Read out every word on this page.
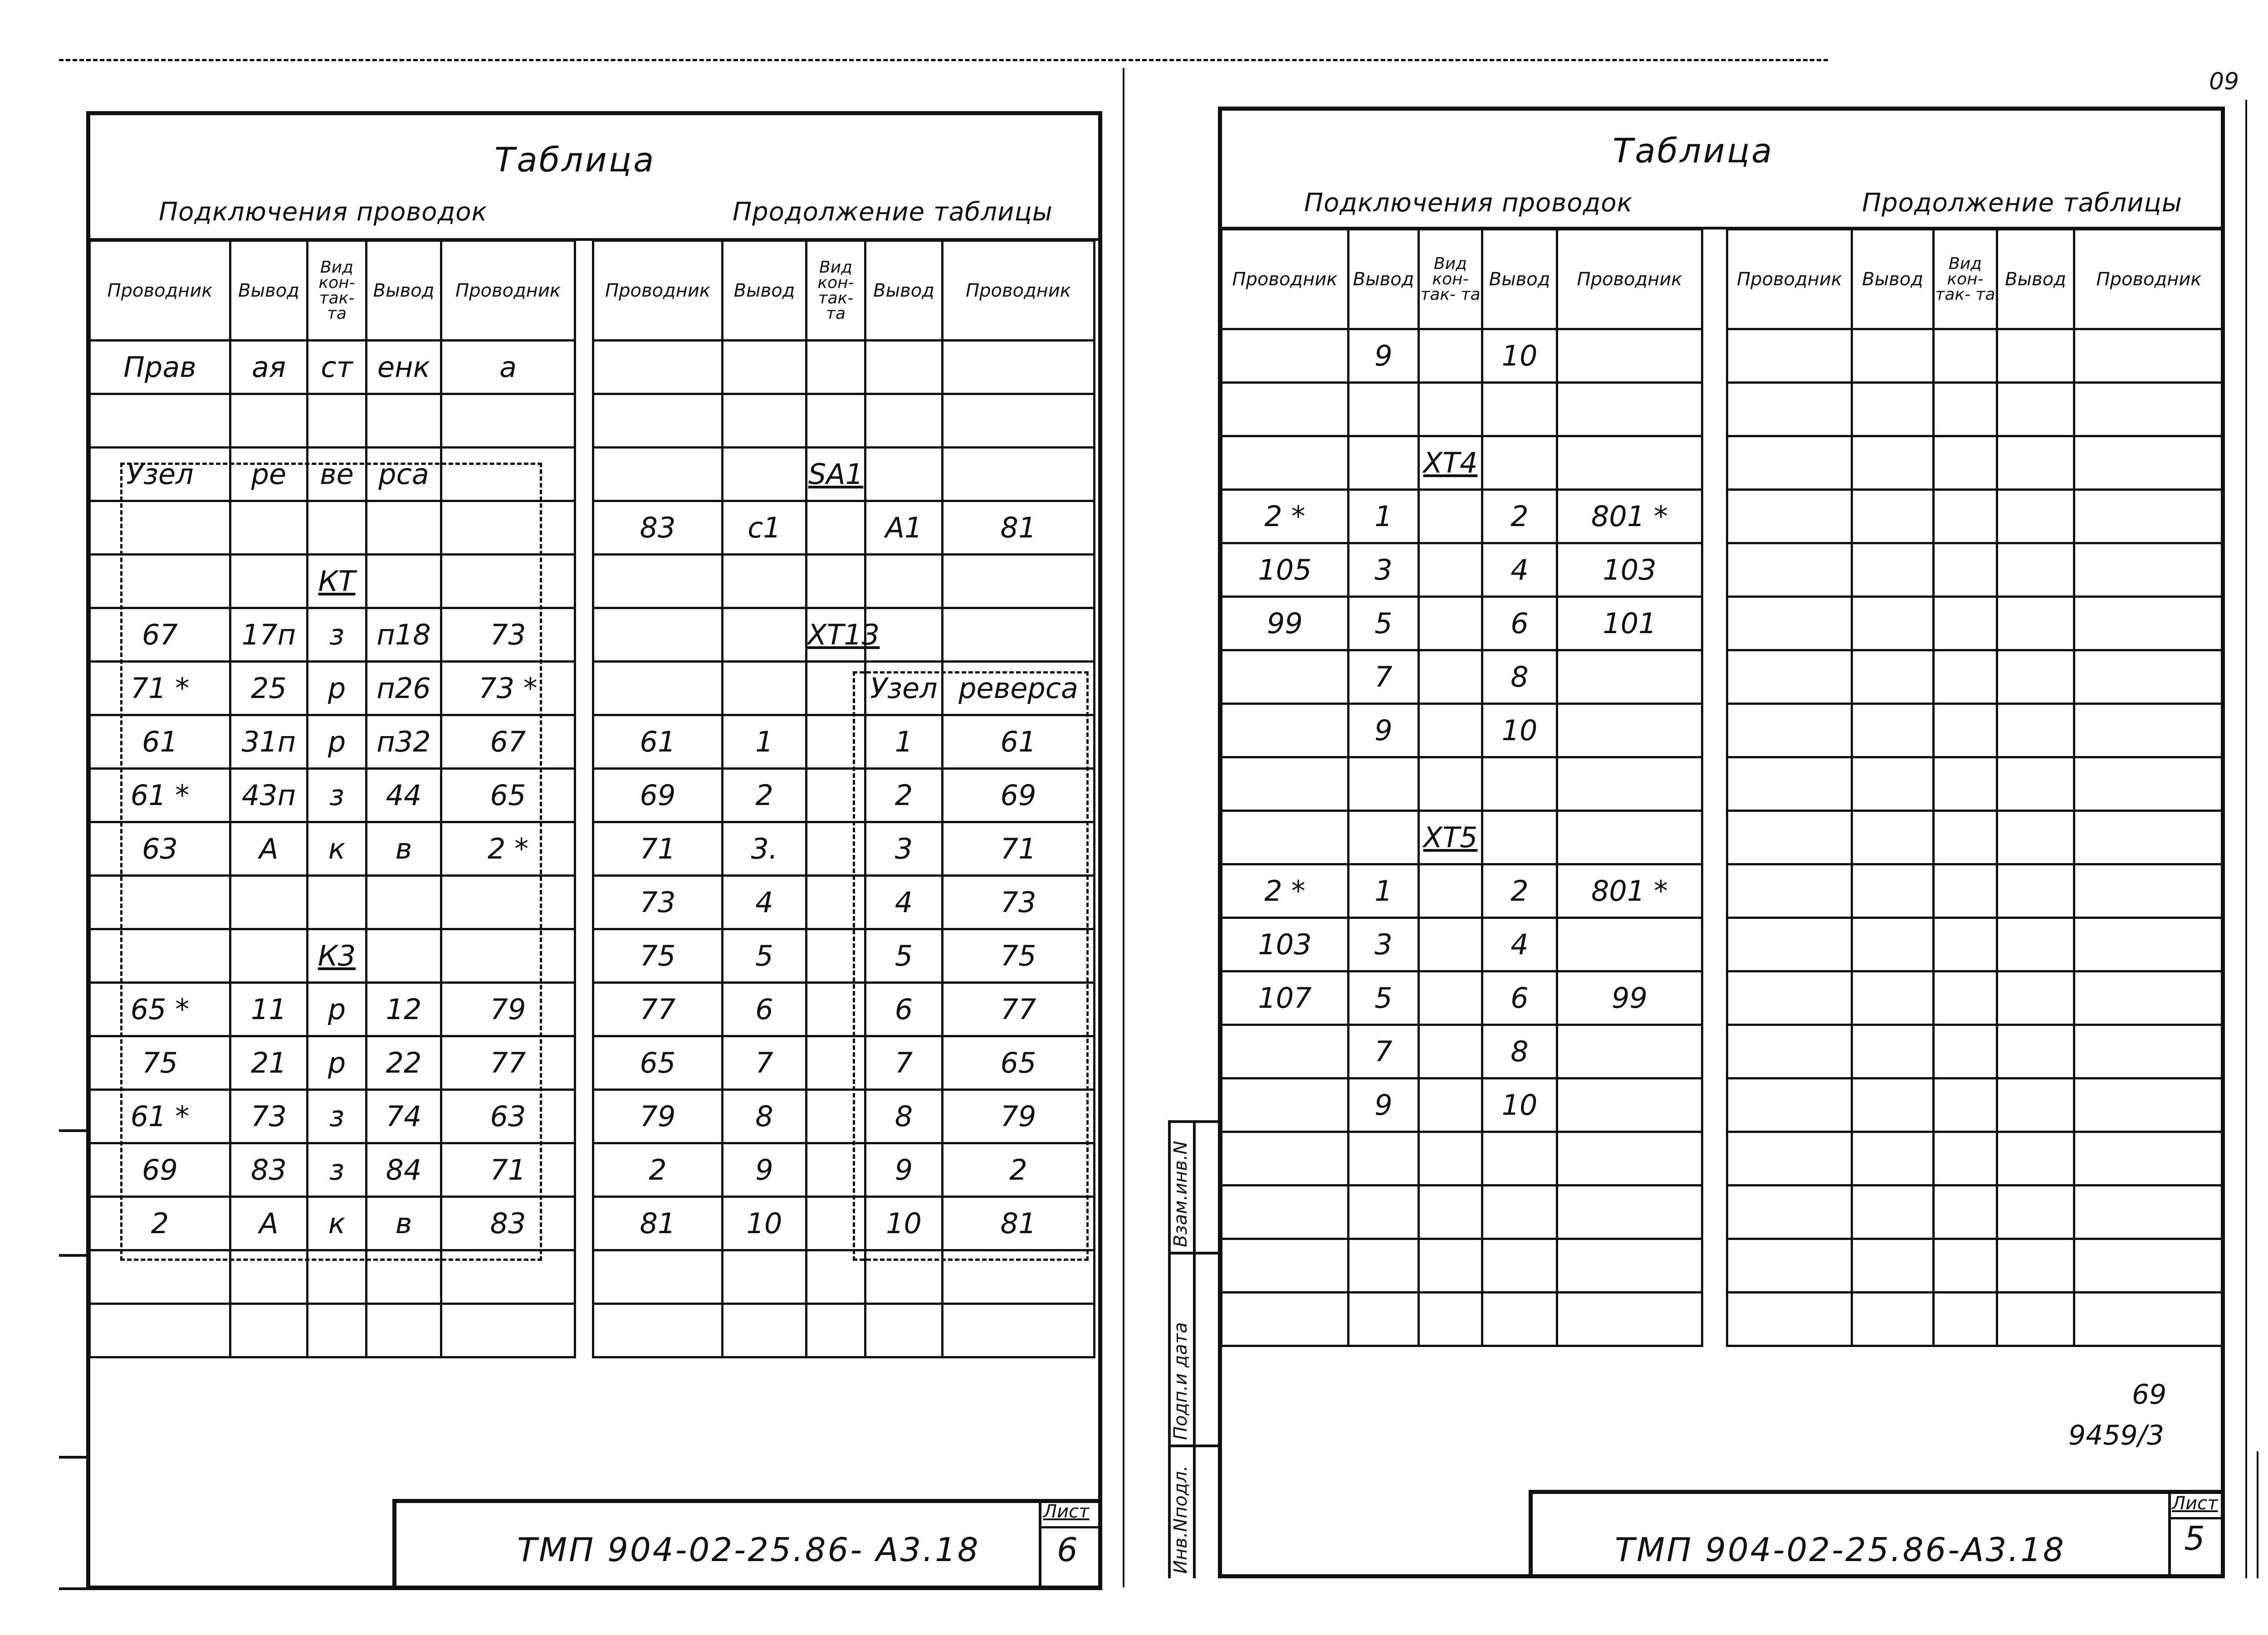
09
Таблица
Подключения проводок	Продолжение таблицы
Проводник	Вывод	Вид кон- так- та	Вывод	Проводник
Прав	ая	ст	енк	а

Узел	ре	ве	рса	

		КТ		
67	17п	з	п18	73
71 *	25	р	п26	73 *
61	31п	р	п32	67
61 *	43п	з	44	65
63	А	к	в	2 *

		К3		
65 *	11	р	12	79
75	21	р	22	77
61 *	73	з	74	63
69	83	з	84	71
2	А	к	в	83

Проводник	Вывод	Вид кон- так- та	Вывод	Проводник

		SA1		
83	с1		А1	81

		ХТ13		
			Узел	реверса
61	1		1	61
69	2		2	69
71	3.		3	71
73	4		4	73
75	5		5	75
77	6		6	77
65	7		7	65
79	8		8	79
2	9		9	2
81	10		10	81

ТМП 904-02-25.86- А3.18
Лист
6
Таблица
Подключения проводок	Продолжение таблицы
Проводник	Вывод	Вид кон- так- та	Вывод	Проводник
	9		10	

		ХТ4		
2 *	1		2	801 *
105	3		4	103
99	5		6	101
	7		8	
	9		10	

		ХТ5		
2 *	1		2	801 *
103	3		4	
107	5		6	99
	7		8	
	9		10	

Проводник	Вывод	Вид кон- так- та	Вывод	Проводник

Инв.Nподл.
Подп.и дата
Взам.инв.N
69
9459/3
ТМП 904-02-25.86-А3.18
Лист
5
